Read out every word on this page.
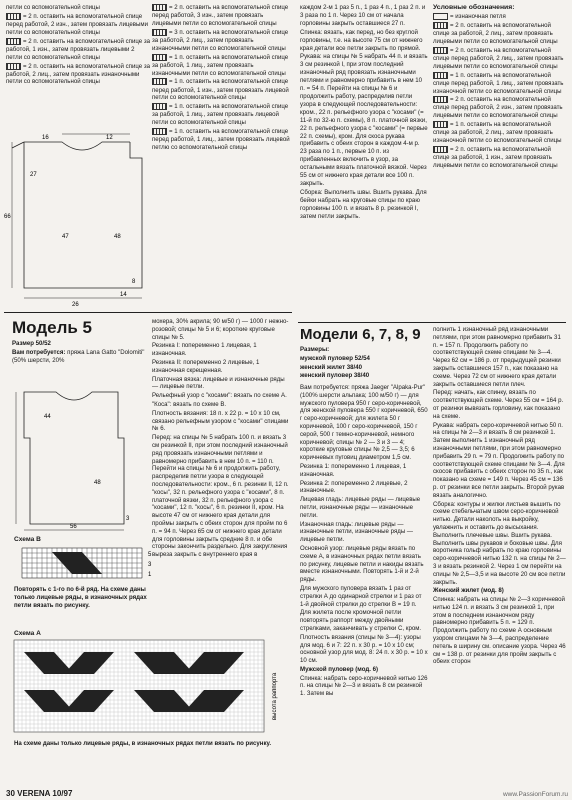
петли со вспомогательной спицы

= 2 п. оставить на вспомогательной спице перед работой, 2 изн., затем провязать лицевыми петли со вспомогательной спицы

= 2 п. оставить на вспомогательной спице за работой, 1 изн., затем провязать лицевыми 2 петли со вспомогательной спицы

= 2 п. оставить на вспомогательной спице за работой, 2 лиц., затем провязать изнаночными петли со вспомогательной спицы

= 2 п. оставить на вспомогательной спице перед работой, 3 изн., затем провязать лицевыми петли со вспомогательной спицы

= 3 п. оставить на вспомогательной спице за работой, 2 лиц., затем провязать изнаночными петли со вспомогательной спицы

= 1 п. оставить на вспомогательной спице за работой, 1 лиц., затем провязать изнаночными петли со вспомогательной спицы

= 1 п. оставить на вспомогательной спице перед работой, 1 изн., затем провязать лицевой петли со вспомогательной спицы

= 1 п. оставить на вспомогательной спице за работой, 1 лиц., затем провязать лицевой петли со вспомогательной спицы

= 1 п. оставить на вспомогательной спице перед работой, 1 лиц., затем провязать лицевой петлю со вспомогательной спицы

каждом 2-м 1 раз 5 п., 1 раз 4 п., 1 раз 2 п. и 3 раза по 1 п. Через 10 см от начала горловины закрыть оставшиеся 27 п.

Спинка: вязать, как перед, но без круглой горловины, т.е. на высоте 75 см от нижнего края детали все петли закрыть по прямой.

Рукава: на спицы № 5 набрать 44 п. и вязать 3 см резинкой I, при этом последний изнаночный ряд провязать изнаночными петлями и равномерно прибавить в нем 10 п. = 54 п. Перейти на спицы № 6 и продолжить работу, распределив петли узора в следующей последовательности: кром., 22 п. рельефного узора с "косами" (= 11-й по 32-ю п. схемы), 8 п. платочной вязки, 22 п. рельефного узора с "косами" (= первые 22 п. схемы), кром. Для скоса рукава прибавить с обеих сторон в каждом 4-м р. 23 раза по 1 п., первые 10 п. из прибавленных включить в узор, за остальными вязать платочной вязкой. Через 55 см от нижнего края детали все 100 п. закрыть.

Сборка: Выполнить швы. Вшить рукава. Для бейки набрать на круговые спицы по краю горловины 100 п. и вязать 8 р. резинкой I, затем петли закрыть.

Условные обозначения:

= изнаночная петля

= 2 п. оставить на вспомогательной спице за работой, 2 лиц., затем провязать лицевыми петли со вспомогательной спицы

= 2 п. оставить на вспомогательной спице перед работой, 2 лиц., затем провязать лицевыми петли со вспомогательной спицы

= 1 п. оставить на вспомогательной спице перед работой, 1 лиц., затем провязать изнаночной петли со вспомогательной спицы

= 2 п. оставить на вспомогательной спице перед работой, 2 изн., затем провязать лицевыми петли со вспомогательной спицы

= 1 п. оставить на вспомогательной спице за работой, 2 лиц., затем провязать изнаночной петли со вспомогательной спицы

= 2 п. оставить на вспомогательной спице за работой, 1 изн., затем провязать лицевыми петли со вспомогательной спицы

16	12
14
66
27
47	48
8
26
Модель 5

Размер 50/52

Вам потребуется: пряжа Lana Gatto "Dolomiti" (50% шерсти, 20%

мохера, 30% акрила; 90 м/50 г) — 1000 г нежно-розовой; спицы № 5 и 6; короткие круговые спицы № 5.

Резинка I: попеременно 1 лицевая, 1 изнаночная.

Резинка II: попеременно 2 лицевые, 1 изнаночная скрещенная.

Платочная вязка: лицевые и изнаночные ряды — лицевые петли.

Рельефный узор с "косами": вязать по схеме А.

"Коса": вязать по схеме В.

Плотность вязания: 18 п. х 22 р. = 10 х 10 см, связано рельефным узором с "косами" спицами № 6.

Перед: на спицы № 5 набрать 100 п. и вязать 3 см резинкой II, при этом последний изнаночный ряд провязать изнаночными петлями и равномерно прибавить в нем 10 п. = 110 п. Перейти на спицы № 6 и продолжить работу, распределив петли узора в следующей последовательности: кром., 6 п. резинки II, 12 п. "косы", 32 п. рельефного узора с "косами", 8 п. платочной вязки, 32 п. рельефного узора с "косами", 12 п. "косы", 6 п. резинки II, кром. На высоте 47 см от нижнего края детали для проймы закрыть с обеих сторон для пройм по 6 п. = 94 п. Через 65 см от нижнего края детали для горловины закрыть средние 8 п. и обе стороны закончить раздельно. Для закругления выреза закрыть с внутреннего края в

44
48
3
56
Схема В
5
3
1
Повторять с 1-го по 6-й ряд. На схеме даны только лицевые ряды, в изнаночных рядах петли вязать по рисунку.
Схема А
высота раппорта
На схеме даны только лицевые ряды, в изнаночных рядах петли вязать по рисунку.
Модели 6, 7, 8, 9

Размеры:

мужской пуловер 52/54

женский жилет 38/40

женский пуловер 38/40

Вам потребуется: пряжа Jaeger "Alpaka-Pur" (100% шерсти альпака; 100 м/50 г) — для мужского пуловера 950 г серо-коричневой, для женской пуловера 550 г коричневой, 650 г серо-коричневой; для жилета 50 г коричневой, 100 г серо-коричневой, 150 г серой, 500 г темно-коричневой, немного коричневой; спицы № 2 — 3 и 3 — 4; короткие круговые спицы № 2,5 — 3,5; 6 коричневых пуговиц диаметром 1,5 см.

Резинка 1: попеременно 1 лицевая, 1 изнаночная.

Резинка 2: попеременно 2 лицевые, 2 изнаночные.

Лицевая гладь: лицевые ряды — лицевые петли, изнаночные ряды — изнаночные петли.

Изнаночная гладь: лицевые ряды — изнаночные петли, изнаночные ряды — лицевые петли.

Основной узор: лицевые ряды вязать по схеме А, в изнаночных рядах петли вязать по рисунку, лицевые петли и накиды вязать вместе изнаночными. Повторять 1-й и 2-й ряды.

Для мужского пуловера вязать 1 раз от стрелки А до одинарной стрелки и 1 раз от 1-й двойной стрелки до стрелки В = 19 п.

Для жилета после кромочной петли повторять раппорт между двойными стрелками, заканчивать у стрелки С, кром.

Плотность вязания (спицы № 3—4): узоры для мод. 6 и 7: 22 п. х 30 р. = 10 х 10 см; основной узор для мод. 8: 24 п. х 30 р. = 10 х 10 см.

Мужской пуловер (мод. 6)

Спинка: набрать серо-коричневой нитью 126 п. на спицы № 2—3 и вязать 8 см резинкой 1. Затем вы

полнить 1 изнаночный ряд изнаночными петлями, при этом равномерно прибавить 31 п. = 157 п. Продолжить работу по соответствующей схеме спицами № 3—4. Через 62 см = 186 р. от предыдущей резинки закрыть оставшиеся 157 п., как показано на схеме. Через 72 см от нижнего края детали закрыть оставшиеся петли плеч.

Перед: начать, как спинку, вязать по соответствующей схеме. Через 55 см = 164 р. от резинки вывязать горловину, как показано на схеме.

Рукава: набрать серо-коричневой нитью 50 п. на спицы № 2—3 и вязать 8 см резинкой 1. Затем выполнить 1 изнаночный ряд изнаночными петлями, при этом равномерно прибавить 29 п. = 79 п. Продолжить работу по соответствующей схеме спицами № 3—4. Для скосов прибавить с обеих сторон по 35 п., как показано на схеме = 149 п. Через 45 см = 136 р. от резинки все петли закрыть. Второй рукав вязать аналогично.

Сборка: контуры и жилки листьев вышить по схеме стебельчатым швом серо-коричневой нитью. Детали наколоть на выкройку, увлажнить и оставить до высыхания. Выполнить плечевые швы. Вшить рукава. Выполнить швы рукавов и боковые швы. Для воротника гольф набрать по краю горловины серо-коричневой нитью 132 п. на спицы № 2—3 и вязать резинкой 2. Через 1 см перейти на спицы № 2,5—3,5 и на высоте 20 см все петли закрыть.

Женский жилет (мод. 8)

Спинка: набрать на спицы № 2—3 коричневой нитью 124 п. и вязать 3 см резинкой 1, при этом в последнем изнаночном ряду равномерно прибавить 5 п. = 129 п. Продолжить работу по схеме А основным узором спицами № 3—4, распределение петель в ширину см. описание узора. Через 46 см = 138 р. от резинки для пройм закрыть с обеих сторон

30 VERENA 10/97	www.PassionForum.ru
